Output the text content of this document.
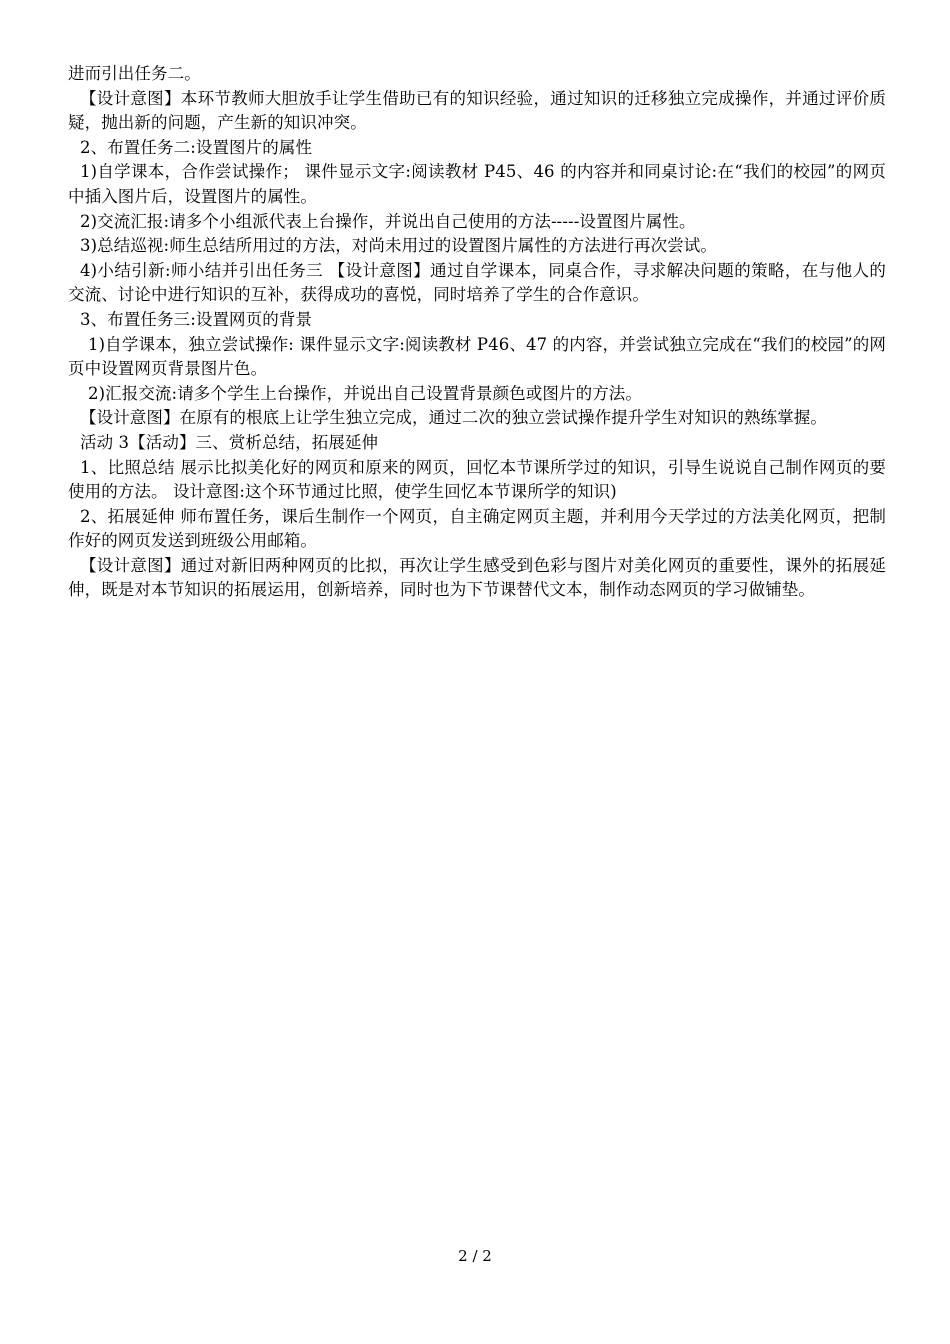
进而引出任务二。

【设计意图】本环节教师大胆放手让学生借助已有的知识经验，通过知识的迁移独立完成操作，并通过评价质疑，抛出新的问题，产生新的知识冲突。

2、布置任务二:设置图片的属性

1)自学课本，合作尝试操作； 课件显示文字:阅读教材 P45、46 的内容并和同桌讨论:在“我们的校园”的网页中插入图片后，设置图片的属性。

2)交流汇报:请多个小组派代表上台操作，并说出自己使用的方法-----设置图片属性。

3)总结巡视:师生总结所用过的方法，对尚未用过的设置图片属性的方法进行再次尝试。

4)小结引新:师小结并引出任务三 【设计意图】通过自学课本，同桌合作，寻求解决问题的策略，在与他人的交流、讨论中进行知识的互补，获得成功的喜悦，同时培养了学生的合作意识。

3、布置任务三:设置网页的背景

1)自学课本，独立尝试操作: 课件显示文字:阅读教材 P46、47 的内容，并尝试独立完成在“我们的校园”的网页中设置网页背景图片色。

2)汇报交流:请多个学生上台操作，并说出自己设置背景颜色或图片的方法。

【设计意图】在原有的根底上让学生独立完成，通过二次的独立尝试操作提升学生对知识的熟练掌握。

活动 3【活动】三、赏析总结，拓展延伸

1、比照总结 展示比拟美化好的网页和原来的网页，回忆本节课所学过的知识，引导生说说自己制作网页的要使用的方法。 设计意图:这个环节通过比照，使学生回忆本节课所学的知识)

2、拓展延伸 师布置任务，课后生制作一个网页，自主确定网页主题，并利用今天学过的方法美化网页，把制作好的网页发送到班级公用邮箱。

【设计意图】通过对新旧两种网页的比拟，再次让学生感受到色彩与图片对美化网页的重要性，课外的拓展延伸，既是对本节知识的拓展运用，创新培养，同时也为下节课替代文本，制作动态网页的学习做铺垫。

2 / 2
